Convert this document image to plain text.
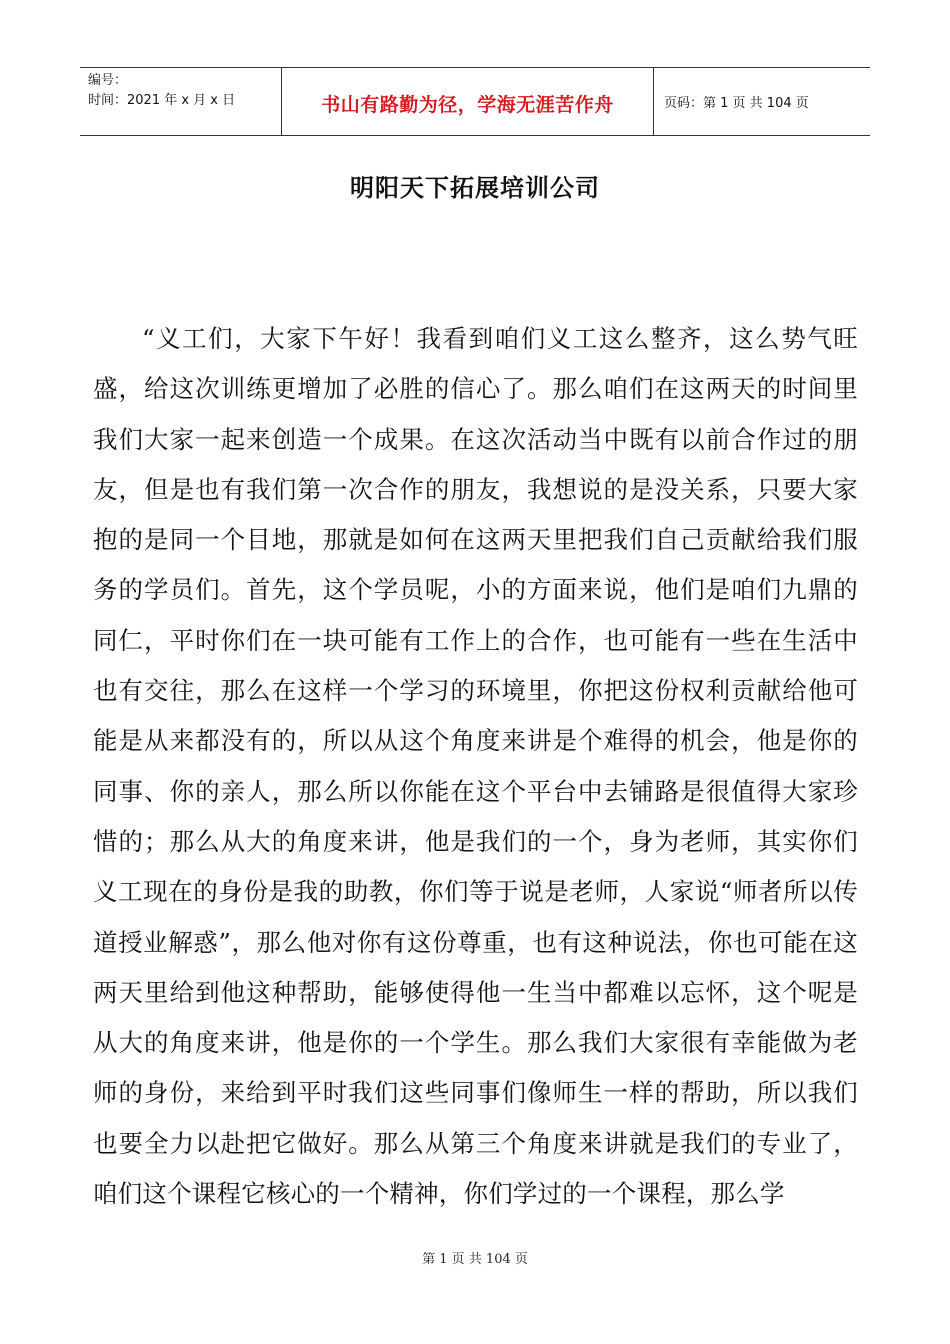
编号：
时间：2021 年 x 月 x 日	书山有路勤为径，学海无涯苦作舟	页码：第 1 页 共 104 页
明阳天下拓展培训公司

“义工们，大家下午好！我看到咱们义工这么整齐，这么势气旺盛，给这次训练更增加了必胜的信心了。那么咱们在这两天的时间里我们大家一起来创造一个成果。在这次活动当中既有以前合作过的朋友，但是也有我们第一次合作的朋友，我想说的是没关系，只要大家抱的是同一个目地，那就是如何在这两天里把我们自己贡献给我们服务的学员们。首先，这个学员呢，小的方面来说，他们是咱们九鼎的同仁，平时你们在一块可能有工作上的合作，也可能有一些在生活中也有交往，那么在这样一个学习的环境里，你把这份权利贡献给他可能是从来都没有的，所以从这个角度来讲是个难得的机会，他是你的同事、你的亲人，那么所以你能在这个平台中去铺路是很值得大家珍惜的；那么从大的角度来讲，他是我们的一个，身为老师，其实你们义工现在的身份是我的助教，你们等于说是老师，人家说“师者所以传道授业解惑”，那么他对你有这份尊重，也有这种说法，你也可能在这两天里给到他这种帮助，能够使得他一生当中都难以忘怀，这个呢是从大的角度来讲，他是你的一个学生。那么我们大家很有幸能做为老师的身份，来给到平时我们这些同事们像师生一样的帮助，所以我们也要全力以赴把它做好。那么从第三个角度来讲就是我们的专业了，咱们这个课程它核心的一个精神，你们学过的一个课程，那么学

第 1 页 共 104 页
